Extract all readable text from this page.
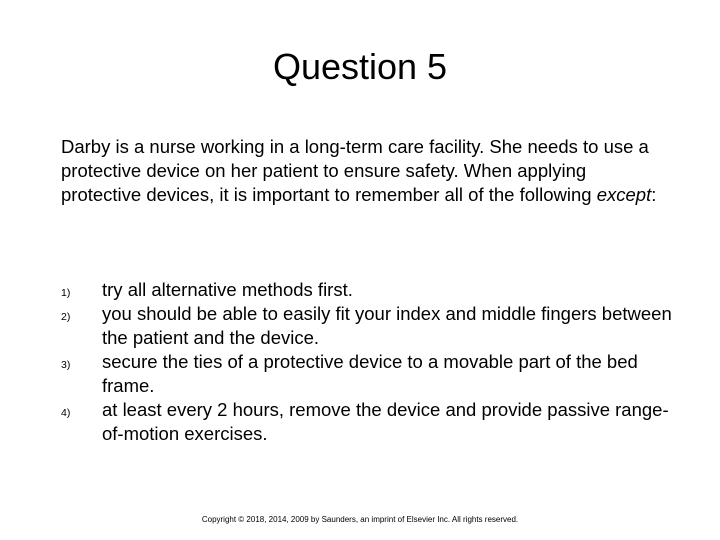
Question 5

Darby is a nurse working in a long-term care facility. She needs to use a protective device on her patient to ensure safety. When applying protective devices, it is important to remember all of the following except:

1) try all alternative methods first.
2) you should be able to easily fit your index and middle fingers between the patient and the device.
3) secure the ties of a protective device to a movable part of the bed frame.
4) at least every 2 hours, remove the device and provide passive range-of-motion exercises.

Copyright © 2018, 2014, 2009 by Saunders, an imprint of Elsevier Inc. All rights reserved.
